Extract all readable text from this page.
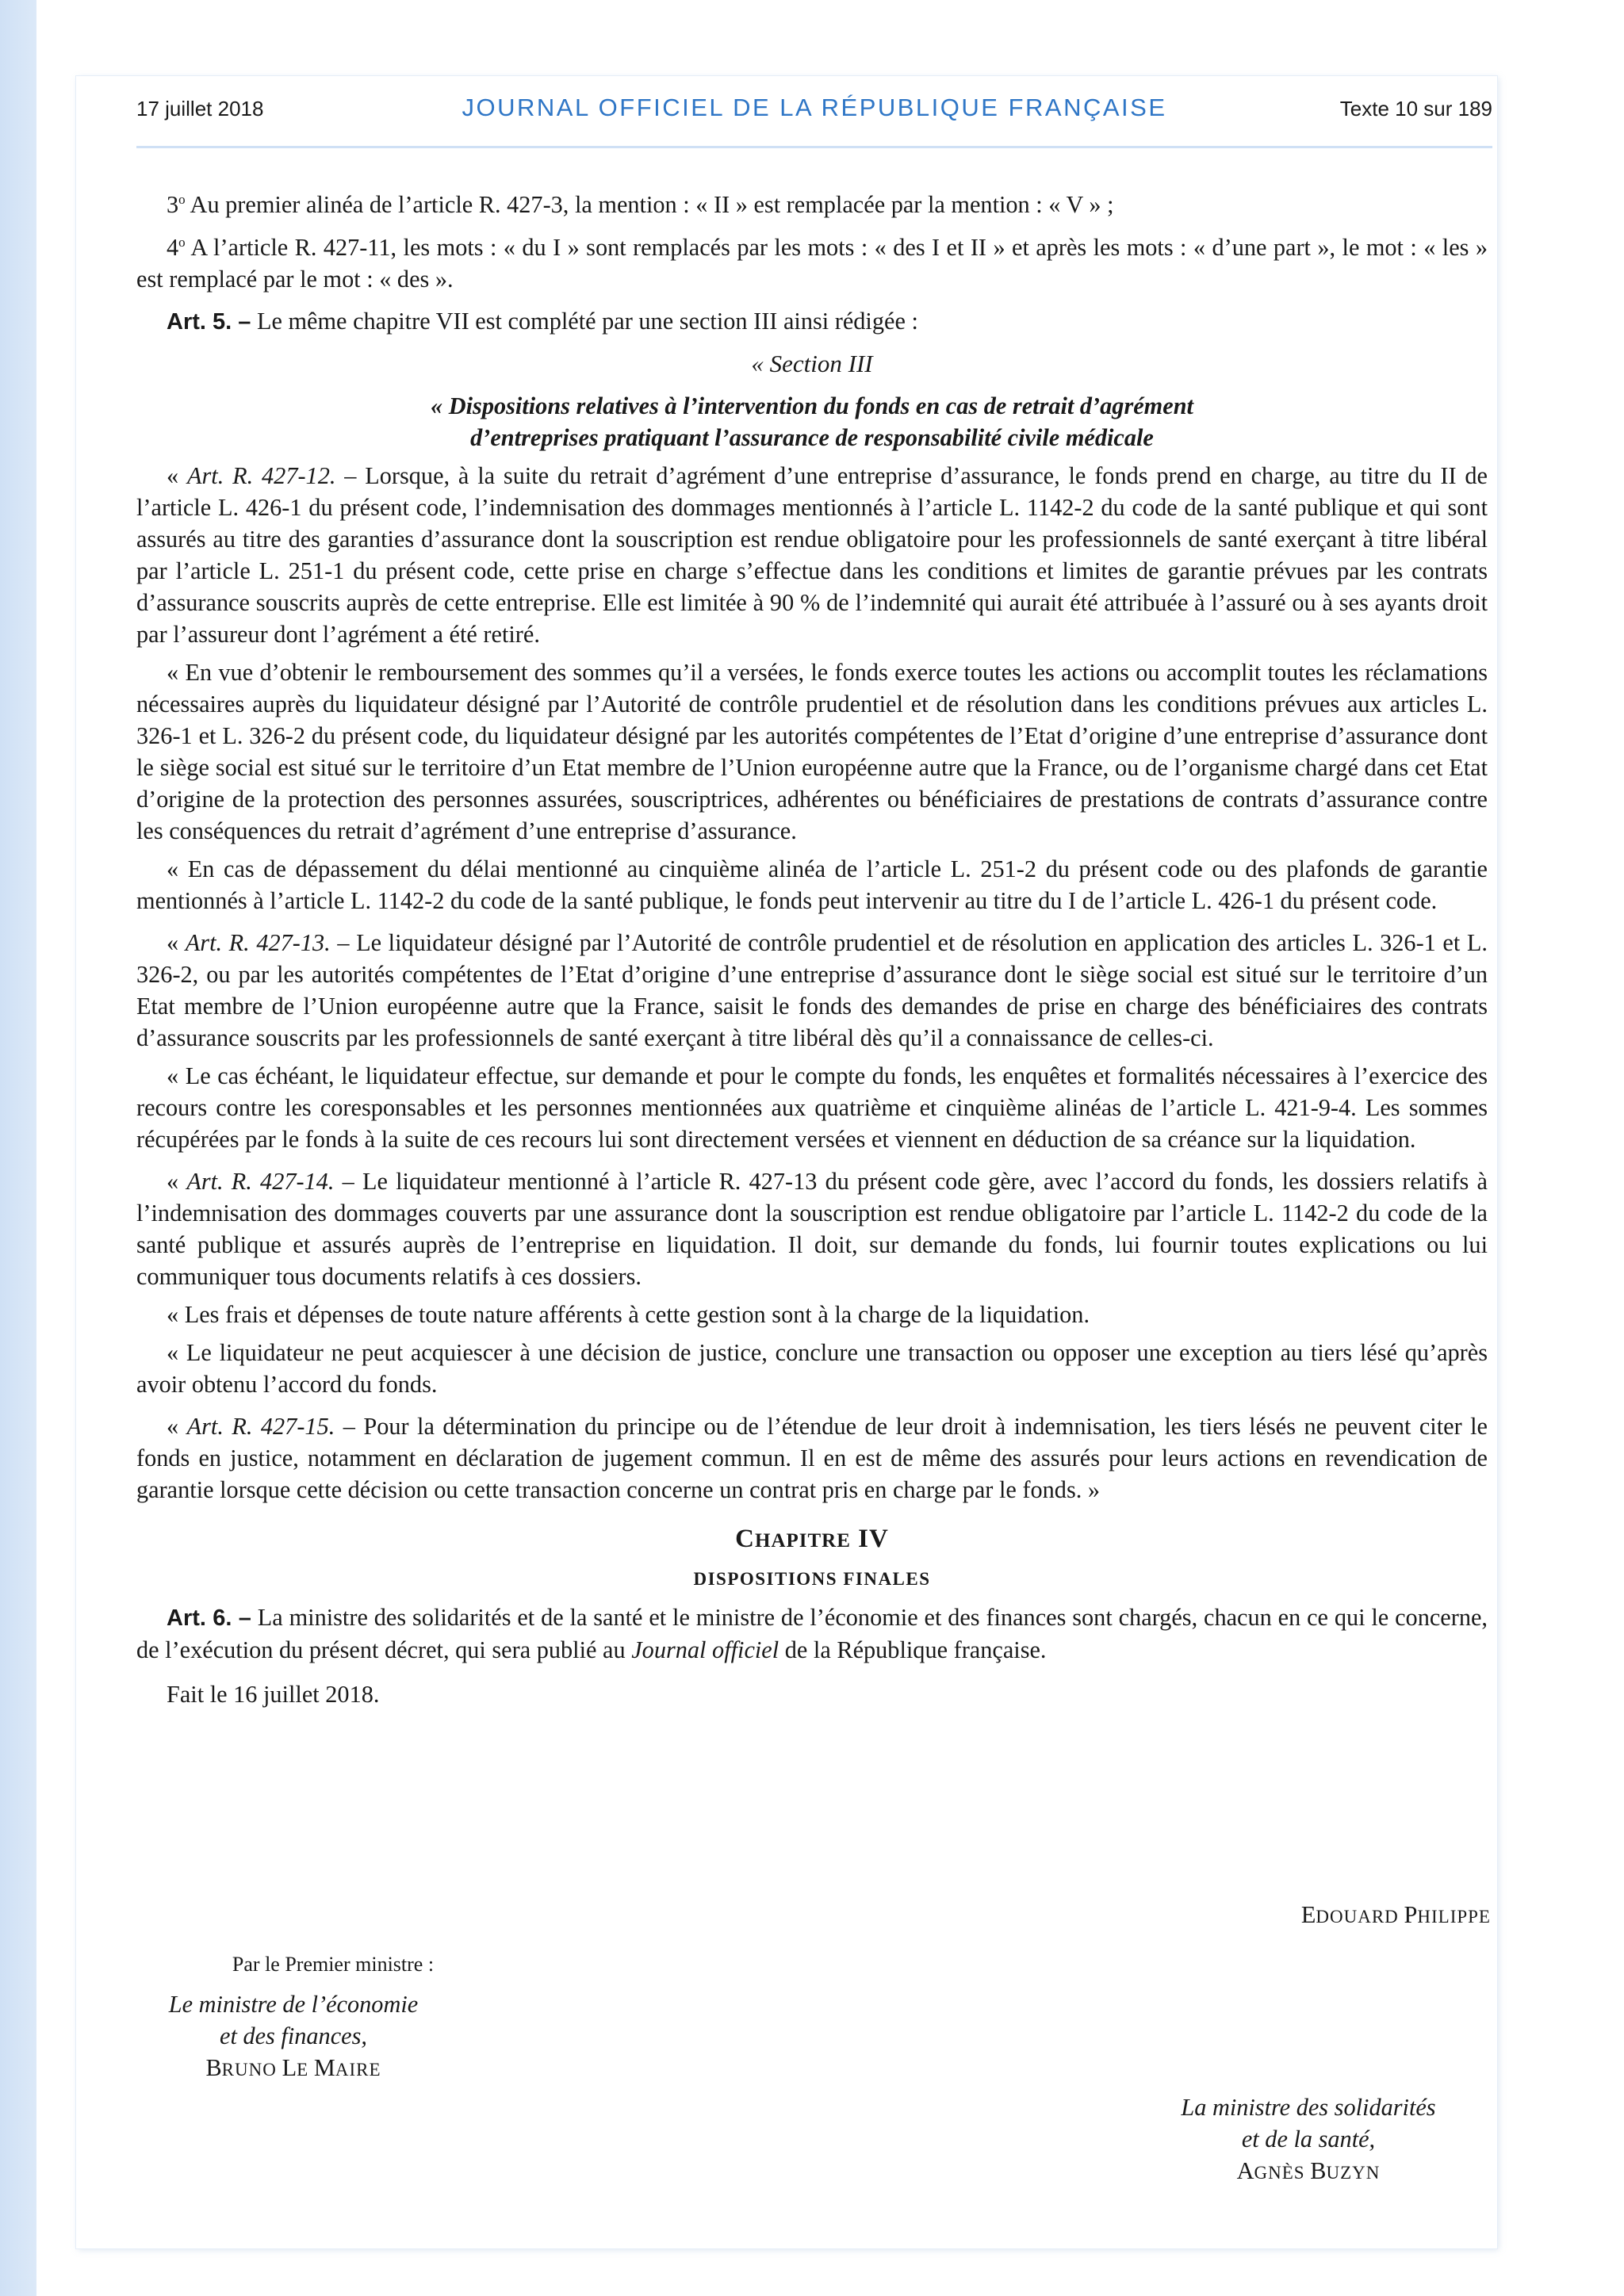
17 juillet 2018	JOURNAL OFFICIEL DE LA RÉPUBLIQUE FRANÇAISE	Texte 10 sur 189

3$^o$ Au premier alinéa de l’article R. 427-3, la mention : « II » est remplacée par la mention : « V » ;

4$^o$ A l’article R. 427-11, les mots : « du I » sont remplacés par les mots : « des I et II » et après les mots : « d’une part », le mot : « les » est remplacé par le mot : « des ».

Art. 5. – Le même chapitre VII est complété par une section III ainsi rédigée :

« Section III

« Dispositions relatives à l’intervention du fonds en cas de retrait d’agrément

d’entreprises pratiquant l’assurance de responsabilité civile médicale

« Art. R. 427-12. – Lorsque, à la suite du retrait d’agrément d’une entreprise d’assurance, le fonds prend en charge, au titre du II de l’article L. 426-1 du présent code, l’indemnisation des dommages mentionnés à l’article L. 1142-2 du code de la santé publique et qui sont assurés au titre des garanties d’assurance dont la souscription est rendue obligatoire pour les professionnels de santé exerçant à titre libéral par l’article L. 251-1 du présent code, cette prise en charge s’effectue dans les conditions et limites de garantie prévues par les contrats d’assurance souscrits auprès de cette entreprise. Elle est limitée à 90 % de l’indemnité qui aurait été attribuée à l’assuré ou à ses ayants droit par l’assureur dont l’agrément a été retiré.

« En vue d’obtenir le remboursement des sommes qu’il a versées, le fonds exerce toutes les actions ou accomplit toutes les réclamations nécessaires auprès du liquidateur désigné par l’Autorité de contrôle prudentiel et de résolution dans les conditions prévues aux articles L. 326-1 et L. 326-2 du présent code, du liquidateur désigné par les autorités compétentes de l’Etat d’origine d’une entreprise d’assurance dont le siège social est situé sur le territoire d’un Etat membre de l’Union européenne autre que la France, ou de l’organisme chargé dans cet Etat d’origine de la protection des personnes assurées, souscriptrices, adhérentes ou bénéficiaires de prestations de contrats d’assurance contre les conséquences du retrait d’agrément d’une entreprise d’assurance.

« En cas de dépassement du délai mentionné au cinquième alinéa de l’article L. 251-2 du présent code ou des plafonds de garantie mentionnés à l’article L. 1142-2 du code de la santé publique, le fonds peut intervenir au titre du I de l’article L. 426-1 du présent code.

« Art. R. 427-13. – Le liquidateur désigné par l’Autorité de contrôle prudentiel et de résolution en application des articles L. 326-1 et L. 326-2, ou par les autorités compétentes de l’Etat d’origine d’une entreprise d’assurance dont le siège social est situé sur le territoire d’un Etat membre de l’Union européenne autre que la France, saisit le fonds des demandes de prise en charge des bénéficiaires des contrats d’assurance souscrits par les professionnels de santé exerçant à titre libéral dès qu’il a connaissance de celles-ci.

« Le cas échéant, le liquidateur effectue, sur demande et pour le compte du fonds, les enquêtes et formalités nécessaires à l’exercice des recours contre les coresponsables et les personnes mentionnées aux quatrième et cinquième alinéas de l’article L. 421-9-4. Les sommes récupérées par le fonds à la suite de ces recours lui sont directement versées et viennent en déduction de sa créance sur la liquidation.

« Art. R. 427-14. – Le liquidateur mentionné à l’article R. 427-13 du présent code gère, avec l’accord du fonds, les dossiers relatifs à l’indemnisation des dommages couverts par une assurance dont la souscription est rendue obligatoire par l’article L. 1142-2 du code de la santé publique et assurés auprès de l’entreprise en liquidation. Il doit, sur demande du fonds, lui fournir toutes explications ou lui communiquer tous documents relatifs à ces dossiers.

« Les frais et dépenses de toute nature afférents à cette gestion sont à la charge de la liquidation.

« Le liquidateur ne peut acquiescer à une décision de justice, conclure une transaction ou opposer une exception au tiers lésé qu’après avoir obtenu l’accord du fonds.

« Art. R. 427-15. – Pour la détermination du principe ou de l’étendue de leur droit à indemnisation, les tiers lésés ne peuvent citer le fonds en justice, notamment en déclaration de jugement commun. Il en est de même des assurés pour leurs actions en revendication de garantie lorsque cette décision ou cette transaction concerne un contrat pris en charge par le fonds. »

CHAPITRE IV

DISPOSITIONS FINALES

Art. 6. – La ministre des solidarités et de la santé et le ministre de l’économie et des finances sont chargés, chacun en ce qui le concerne, de l’exécution du présent décret, qui sera publié au Journal officiel de la République française.

Fait le 16 juillet 2018.

EDOUARD PHILIPPE
Par le Premier ministre :
Le ministre de l’économie
et des finances,
BRUNO LE MAIRE
La ministre des solidarités
et de la santé,
AGNÈS BUZYN
